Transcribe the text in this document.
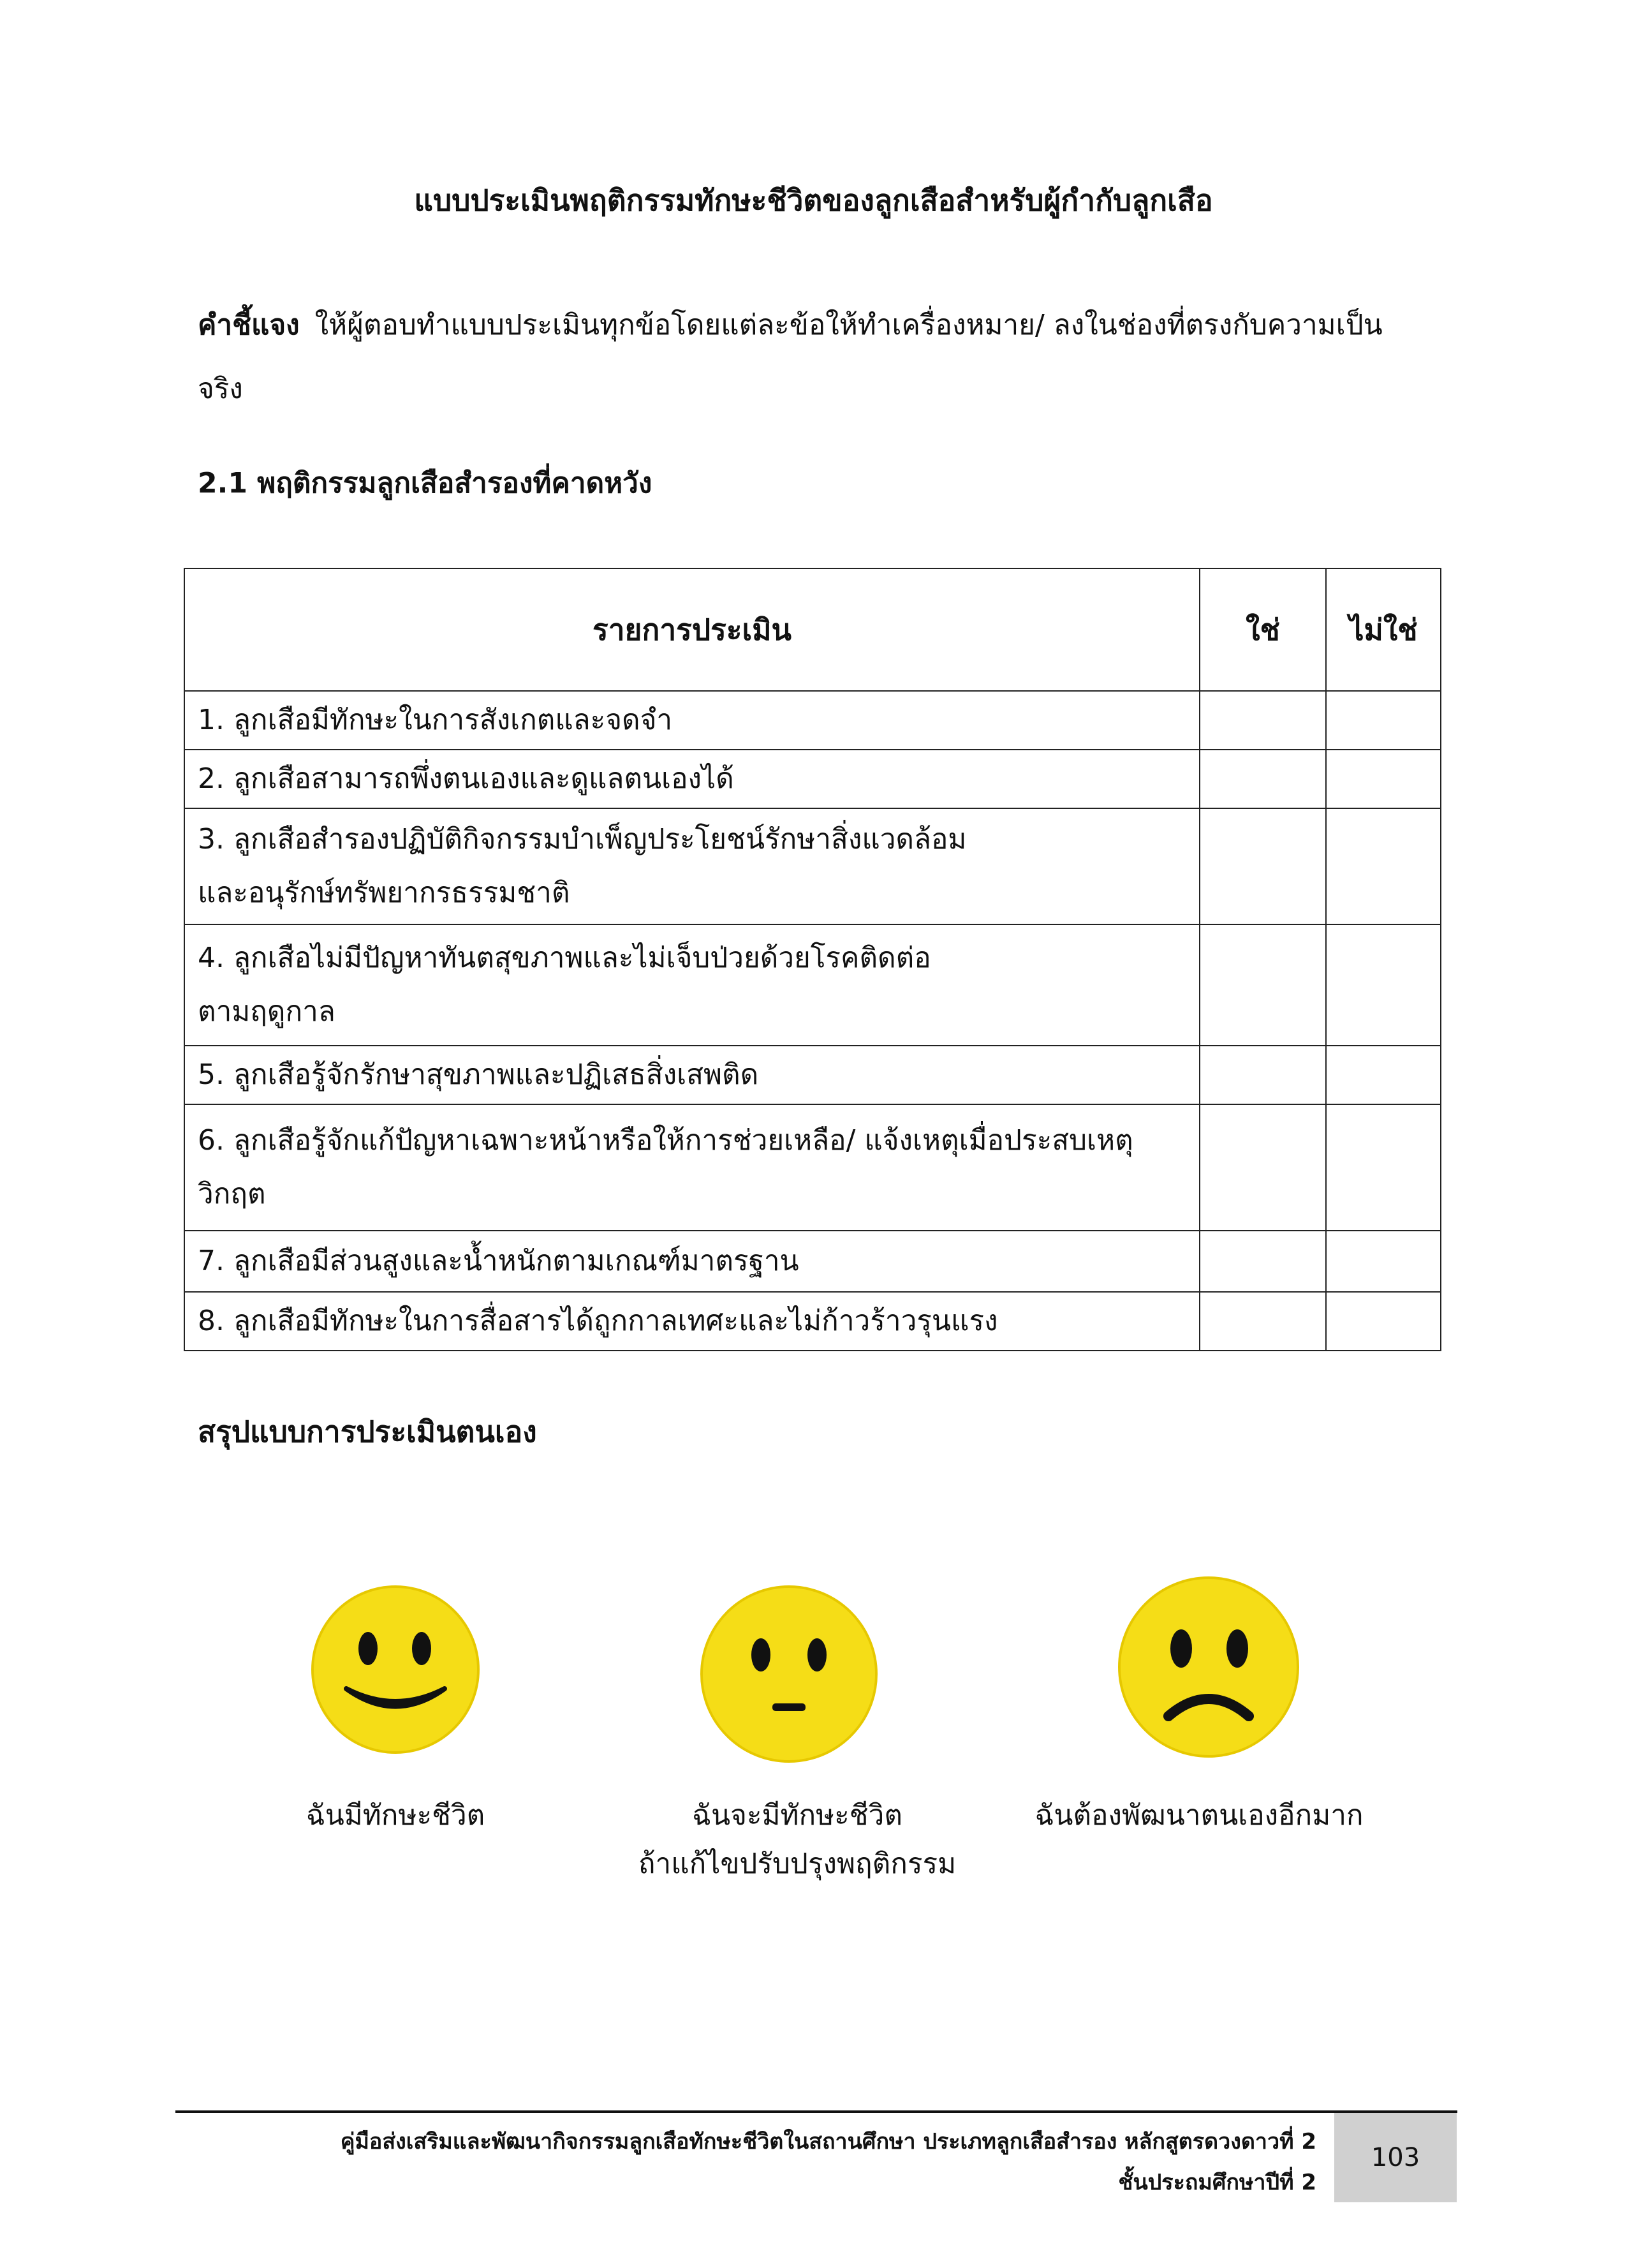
แบบประเมินพฤติกรรมทักษะชีวิตของลูกเสือสำหรับผู้กำกับลูกเสือ
คำชี้แจง ให้ผู้ตอบทำแบบประเมินทุกข้อโดยแต่ละข้อให้ทำเครื่องหมาย/ ลงในช่องที่ตรงกับความเป็น
จริง
2.1 พฤติกรรมลูกเสือสำรองที่คาดหวัง
รายการประเมิน	ใช่	ไม่ใช่

1. ลูกเสือมีทักษะในการสังเกตและจดจำ		

2. ลูกเสือสามารถพึ่งตนเองและดูแลตนเองได้		

3. ลูกเสือสำรองปฏิบัติกิจกรรมบำเพ็ญประโยชน์รักษาสิ่งแวดล้อม
และอนุรักษ์ทรัพยากรธรรมชาติ		

4. ลูกเสือไม่มีปัญหาทันตสุขภาพและไม่เจ็บป่วยด้วยโรคติดต่อ
ตามฤดูกาล		

5. ลูกเสือรู้จักรักษาสุขภาพและปฏิเสธสิ่งเสพติด		

6. ลูกเสือรู้จักแก้ปัญหาเฉพาะหน้าหรือให้การช่วยเหลือ/ แจ้งเหตุเมื่อประสบเหตุ
วิกฤต		

7. ลูกเสือมีส่วนสูงและน้ำหนักตามเกณฑ์มาตรฐาน		

8. ลูกเสือมีทักษะในการสื่อสารได้ถูกกาลเทศะและไม่ก้าวร้าวรุนแรง		

สรุปแบบการประเมินตนเอง
ฉันมีทักษะชีวิต	ฉันจะมีทักษะชีวิต
ถ้าแก้ไขปรับปรุงพฤติกรรม
ฉันต้องพัฒนาตนเองอีกมาก
คู่มือส่งเสริมและพัฒนากิจกรรมลูกเสือทักษะชีวิตในสถานศึกษา ประเภทลูกเสือสำรอง หลักสูตรดวงดาวที่ 2
ชั้นประถมศึกษาปีที่ 2
103
